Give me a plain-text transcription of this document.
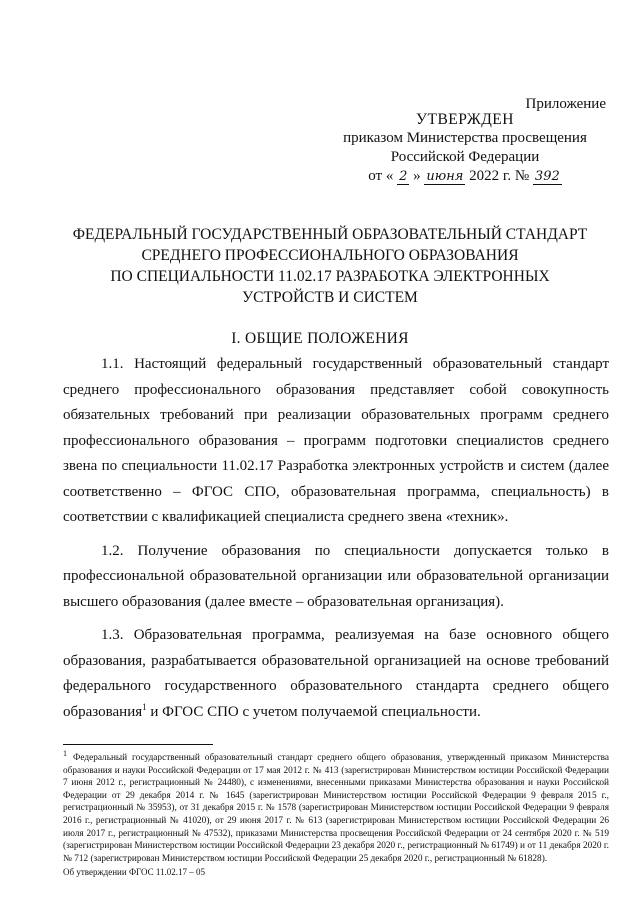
Приложение
УТВЕРЖДЕН
приказом Министерства просвещения
Российской Федерации
от « 2 » июня 2022 г. № 392
ФЕДЕРАЛЬНЫЙ ГОСУДАРСТВЕННЫЙ ОБРАЗОВАТЕЛЬНЫЙ СТАНДАРТ
СРЕДНЕГО ПРОФЕССИОНАЛЬНОГО ОБРАЗОВАНИЯ
ПО СПЕЦИАЛЬНОСТИ 11.02.17 РАЗРАБОТКА ЭЛЕКТРОННЫХ
УСТРОЙСТВ И СИСТЕМ
I. ОБЩИЕ ПОЛОЖЕНИЯ

1.1. Настоящий федеральный государственный образовательный стандарт среднего профессионального образования представляет собой совокупность обязательных требований при реализации образовательных программ среднего профессионального образования – программ подготовки специалистов среднего звена по специальности 11.02.17 Разработка электронных устройств и систем (далее соответственно – ФГОС СПО, образовательная программа, специальность) в соответствии с квалификацией специалиста среднего звена «техник».

1.2. Получение образования по специальности допускается только в профессиональной образовательной организации или образовательной организации высшего образования (далее вместе – образовательная организация).

1.3. Образовательная программа, реализуемая на базе основного общего образования, разрабатывается образовательной организацией на основе требований федерального государственного образовательного стандарта среднего общего образования$^1$ и ФГОС СПО с учетом получаемой специальности.

1 Федеральный государственный образовательный стандарт среднего общего образования, утвержденный приказом Министерства образования и науки Российской Федерации от 17 мая 2012 г. № 413 (зарегистрирован Министерством юстиции Российской Федерации 7 июня 2012 г., регистрационный № 24480), с изменениями, внесенными приказами Министерства образования и науки Российской Федерации от 29 декабря 2014 г. № 1645 (зарегистрирован Министерством юстиции Российской Федерации 9 февраля 2015 г., регистрационный № 35953), от 31 декабря 2015 г. № 1578 (зарегистрирован Министерством юстиции Российской Федерации 9 февраля 2016 г., регистрационный № 41020), от 29 июня 2017 г. № 613 (зарегистрирован Министерством юстиции Российской Федерации 26 июля 2017 г., регистрационный № 47532), приказами Министерства просвещения Российской Федерации от 24 сентября 2020 г. № 519 (зарегистрирован Министерством юстиции Российской Федерации 23 декабря 2020 г., регистрационный № 61749) и от 11 декабря 2020 г. № 712 (зарегистрирован Министерством юстиции Российской Федерации 25 декабря 2020 г., регистрационный № 61828).
Об утверждении ФГОС 11.02.17 – 05
